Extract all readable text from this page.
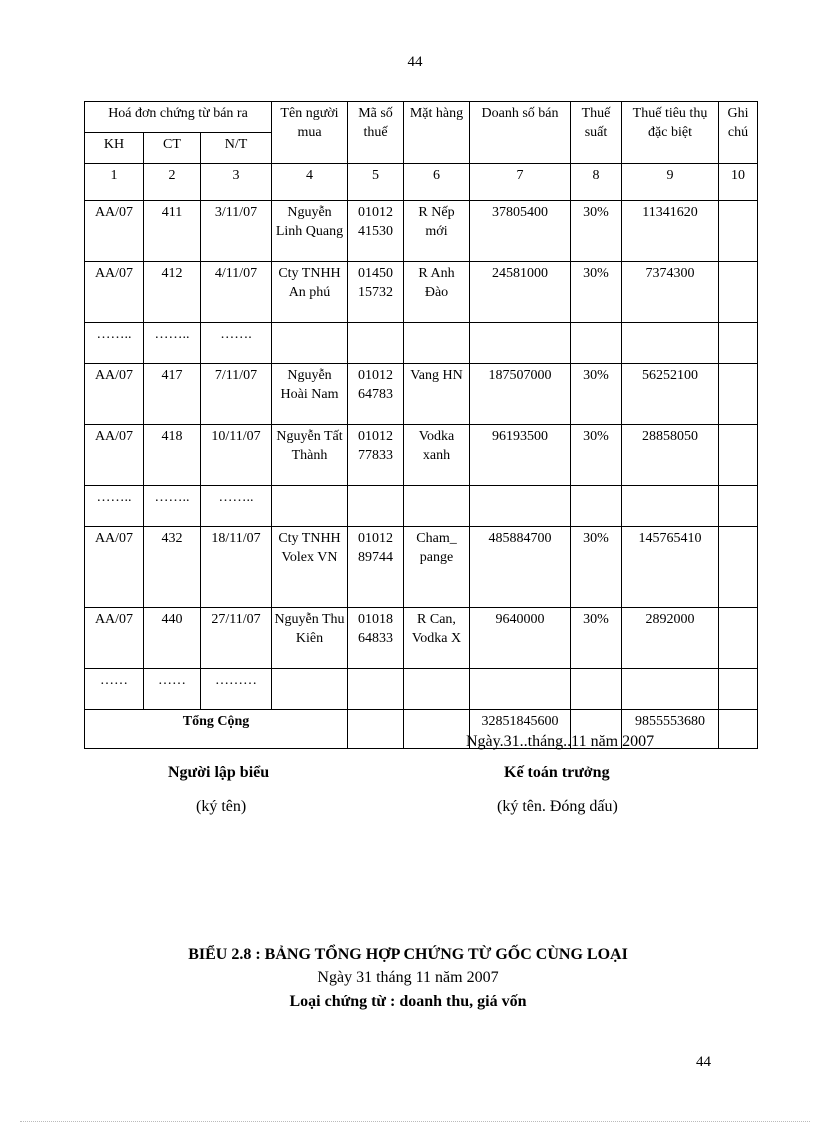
44
Hoá đơn chứng từ bán ra			Tên người mua	Mã số thuế	Mặt hàng	Doanh số bán	Thuế suất	Thuế tiêu thụ đặc biệt	Ghi chú
KH	CT	N/T							
1	2	3	4	5	6	7	8	9	10
AA/07	411	3/11/07	Nguyễn Linh Quang	01012 41530	R Nếp mới	37805400	30%	11341620	
AA/07	412	4/11/07	Cty TNHH An phú	01450 15732	R Anh Đào	24581000	30%	7374300	
……..	……..	…….							
AA/07	417	7/11/07	Nguyễn Hoài Nam	01012 64783	Vang HN	187507000	30%	56252100	
AA/07	418	10/11/07	Nguyễn Tất Thành	01012 77833	Vodka xanh	96193500	30%	28858050	
……..	……..	……..							
AA/07	432	18/11/07	Cty TNHH Volex VN	01012 89744	Cham_ pange	485884700	30%	145765410	
AA/07	440	27/11/07	Nguyễn Thu Kiên	01018 64833	R Can, Vodka X	9640000	30%	2892000	
……	……	………							
Tổng Cộng						32851845600		9855553680	
Ngày.31..tháng..11 năm 2007
Người lập biểu
(ký tên)
Kế toán trưởng
(ký tên. Đóng dấu)
BIỂU 2.8 : BẢNG TỔNG HỢP CHỨNG TỪ GỐC CÙNG LOẠI
Ngày 31 tháng 11 năm 2007
Loại chứng từ : doanh thu, giá vốn
44
